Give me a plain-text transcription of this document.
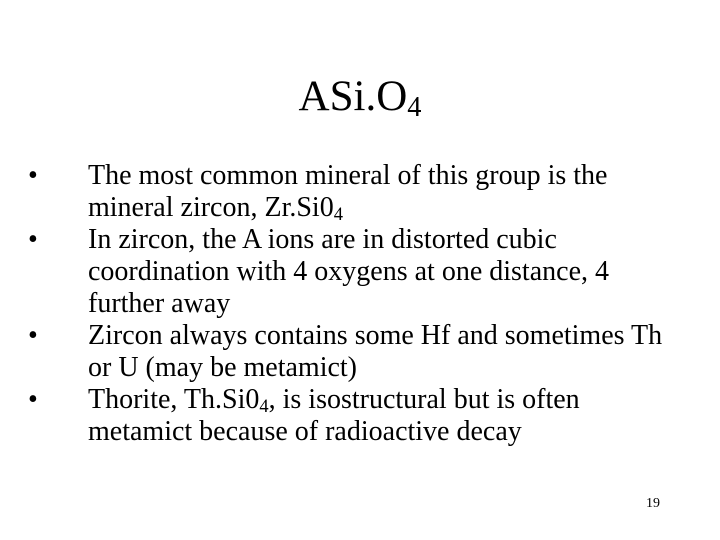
$ASi.O_4$
•	The most common mineral of this group is the mineral zircon, $Zr.Si0_4$
•	In zircon, the A ions are in distorted cubic coordination with 4 oxygens at one distance, 4 further away
•	Zircon always contains some Hf and sometimes Th or U (may be metamict)
•	Thorite, $Th.Si0_4$, is isostructural but is often metamict because of radioactive decay
19
